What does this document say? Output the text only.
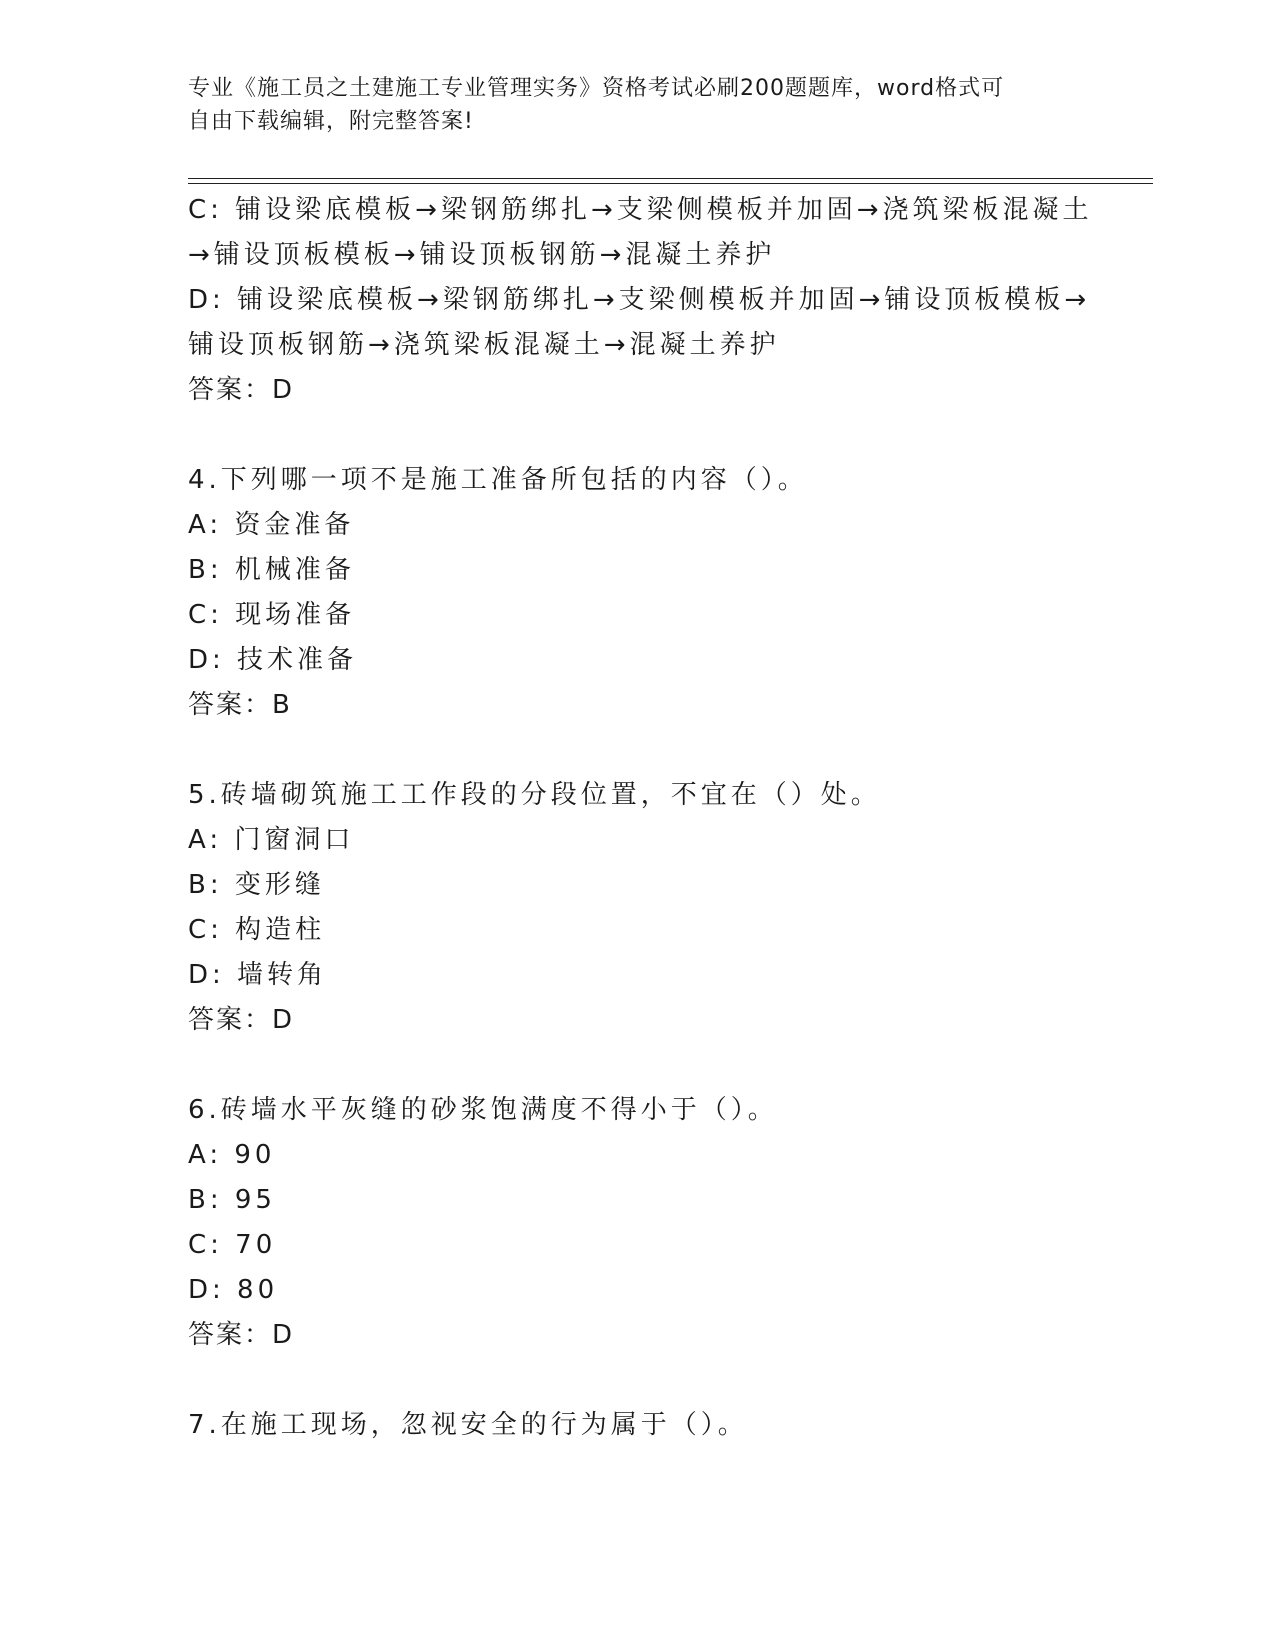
专业《施工员之土建施工专业管理实务》资格考试必刷200题题库，word格式可
自由下载编辑，附完整答案!
C: 铺设梁底模板→梁钢筋绑扎→支梁侧模板并加固→浇筑梁板混凝土
→铺设顶板模板→铺设顶板钢筋→混凝土养护
D: 铺设梁底模板→梁钢筋绑扎→支梁侧模板并加固→铺设顶板模板→
铺设顶板钢筋→浇筑梁板混凝土→混凝土养护
答案：D
4.下列哪一项不是施工准备所包括的内容（）。
A: 资金准备
B: 机械准备
C: 现场准备
D: 技术准备
答案：B
5.砖墙砌筑施工工作段的分段位置，不宜在（）处。
A: 门窗洞口
B: 变形缝
C: 构造柱
D: 墙转角
答案：D
6.砖墙水平灰缝的砂浆饱满度不得小于（）。
A: 90
B: 95
C: 70
D: 80
答案：D
7.在施工现场，忽视安全的行为属于（）。
